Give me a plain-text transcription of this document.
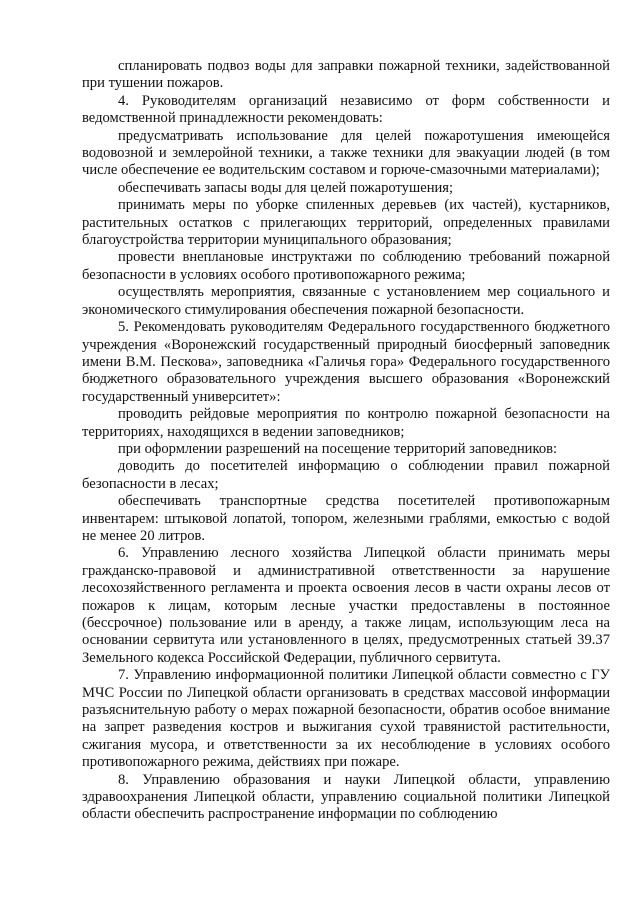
спланировать подвоз воды для заправки пожарной техники, задействованной при тушении пожаров.

4. Руководителям организаций независимо от форм собственности и ведомственной принадлежности рекомендовать:

предусматривать использование для целей пожаротушения имеющейся водовозной и землеройной техники, а также техники для эвакуации людей (в том числе обеспечение ее водительским составом и горюче-смазочными материалами);

обеспечивать запасы воды для целей пожаротушения;

принимать меры по уборке спиленных деревьев (их частей), кустарников, растительных остатков с прилегающих территорий, определенных правилами благоустройства территории муниципального образования;

провести внеплановые инструктажи по соблюдению требований пожарной безопасности в условиях особого противопожарного режима;

осуществлять мероприятия, связанные с установлением мер социального и экономического стимулирования обеспечения пожарной безопасности.

5. Рекомендовать руководителям Федерального государственного бюджетного учреждения «Воронежский государственный природный биосферный заповедник имени В.М. Пескова», заповедника «Галичья гора» Федерального государственного бюджетного образовательного учреждения высшего образования «Воронежский государственный университет»:

проводить рейдовые мероприятия по контролю пожарной безопасности на территориях, находящихся в ведении заповедников;

при оформлении разрешений на посещение территорий заповедников:

доводить до посетителей информацию о соблюдении правил пожарной безопасности в лесах;

обеспечивать транспортные средства посетителей противопожарным инвентарем: штыковой лопатой, топором, железными граблями, емкостью с водой не менее 20 литров.

6. Управлению лесного хозяйства Липецкой области принимать меры гражданско-правовой и административной ответственности за нарушение лесохозяйственного регламента и проекта освоения лесов в части охраны лесов от пожаров к лицам, которым лесные участки предоставлены в постоянное (бессрочное) пользование или в аренду, а также лицам, использующим леса на основании сервитута или установленного в целях, предусмотренных статьей 39.37 Земельного кодекса Российской Федерации, публичного сервитута.

7. Управлению информационной политики Липецкой области совместно с ГУ МЧС России по Липецкой области организовать в средствах массовой информации разъяснительную работу о мерах пожарной безопасности, обратив особое внимание на запрет разведения костров и выжигания сухой травянистой растительности, сжигания мусора, и ответственности за их несоблюдение в условиях особого противопожарного режима, действиях при пожаре.

8. Управлению образования и науки Липецкой области, управлению здравоохранения Липецкой области, управлению социальной политики Липецкой области обеспечить распространение информации по соблюдению
